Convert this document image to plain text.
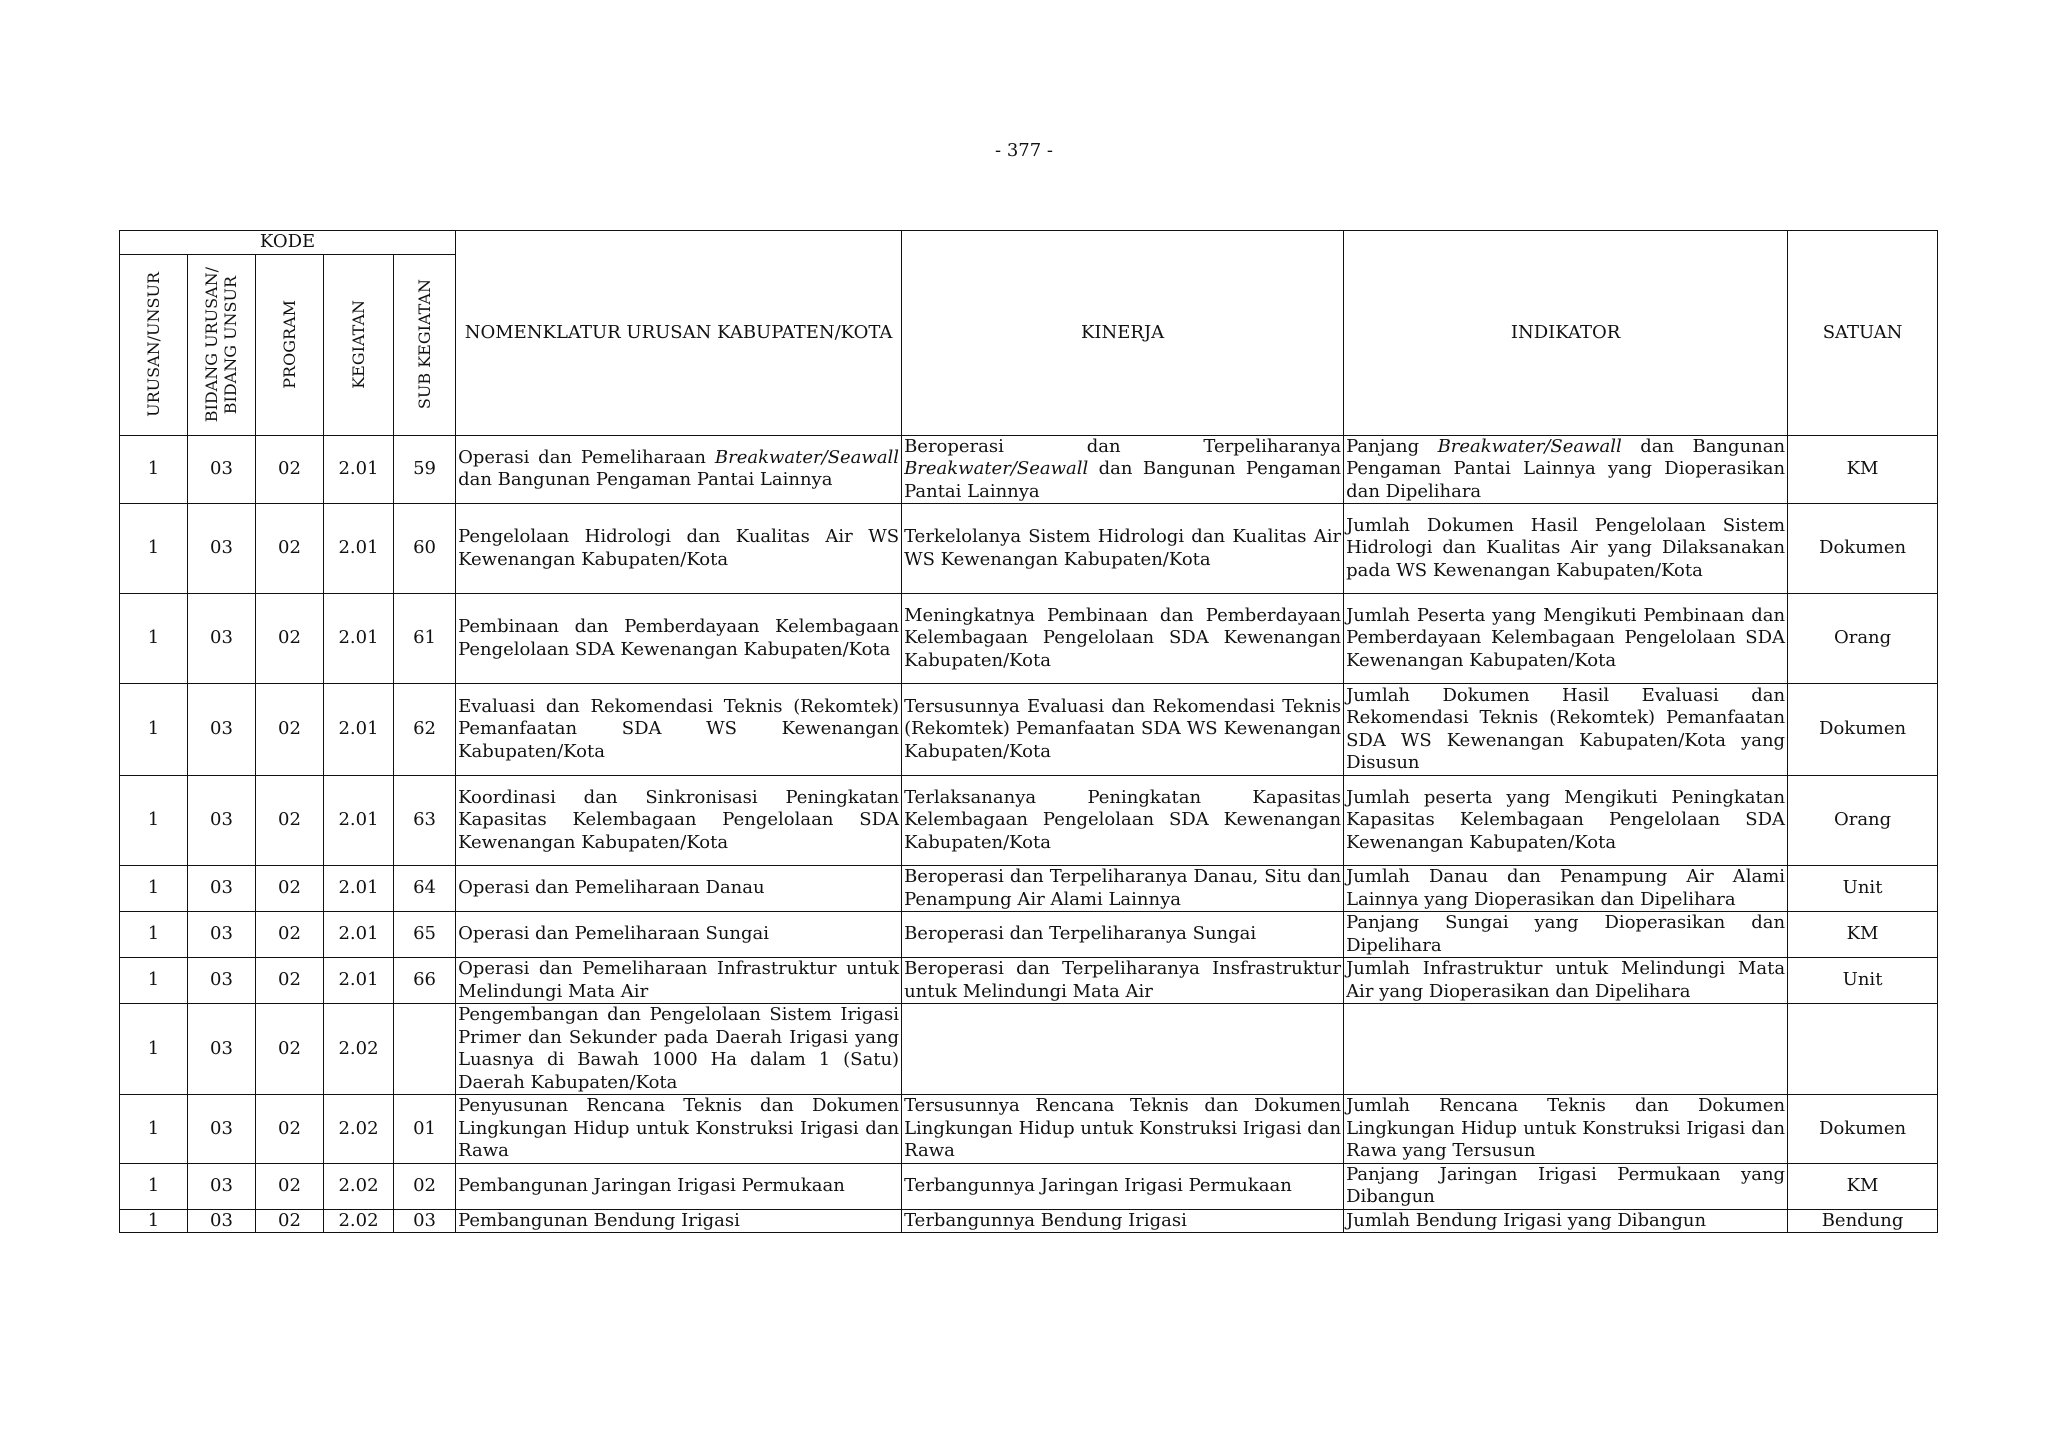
- 377 -
KODE					NOMENKLATUR URUSAN KABUPATEN/KOTA	KINERJA	INDIKATOR	SATUAN

URUSAN/UNSUR	BIDANG URUSAN/
BIDANG UNSUR	PROGRAM	KEGIATAN	SUB KEGIATAN				

1	03	02	2.01	59	Operasi dan Pemeliharaan Breakwater/Seawall dan Bangunan Pengaman Pantai Lainnya	Beroperasi dan Terpeliharanya Breakwater/Seawall dan Bangunan Pengaman Pantai Lainnya	Panjang Breakwater/Seawall dan Bangunan Pengaman Pantai Lainnya yang Dioperasikan dan Dipelihara	KM
1	03	02	2.01	60	Pengelolaan Hidrologi dan Kualitas Air WS Kewenangan Kabupaten/Kota	Terkelolanya Sistem Hidrologi dan Kualitas Air WS Kewenangan Kabupaten/Kota	Jumlah Dokumen Hasil Pengelolaan Sistem Hidrologi dan Kualitas Air yang Dilaksanakan pada WS Kewenangan Kabupaten/Kota	Dokumen
1	03	02	2.01	61	Pembinaan dan Pemberdayaan Kelembagaan Pengelolaan SDA Kewenangan Kabupaten/Kota	Meningkatnya Pembinaan dan Pemberdayaan Kelembagaan Pengelolaan SDA Kewenangan Kabupaten/Kota	Jumlah Peserta yang Mengikuti Pembinaan dan Pemberdayaan Kelembagaan Pengelolaan SDA Kewenangan Kabupaten/Kota	Orang
1	03	02	2.01	62	Evaluasi dan Rekomendasi Teknis (Rekomtek) Pemanfaatan SDA WS Kewenangan Kabupaten/Kota	Tersusunnya Evaluasi dan Rekomendasi Teknis (Rekomtek) Pemanfaatan SDA WS Kewenangan Kabupaten/Kota	Jumlah Dokumen Hasil Evaluasi dan Rekomendasi Teknis (Rekomtek) Pemanfaatan SDA WS Kewenangan Kabupaten/Kota yang Disusun	Dokumen
1	03	02	2.01	63	Koordinasi dan Sinkronisasi Peningkatan Kapasitas Kelembagaan Pengelolaan SDA Kewenangan Kabupaten/Kota	Terlaksananya Peningkatan Kapasitas Kelembagaan Pengelolaan SDA Kewenangan Kabupaten/Kota	Jumlah peserta yang Mengikuti Peningkatan Kapasitas Kelembagaan Pengelolaan SDA Kewenangan Kabupaten/Kota	Orang
1	03	02	2.01	64	Operasi dan Pemeliharaan Danau	Beroperasi dan Terpeliharanya Danau, Situ dan Penampung Air Alami Lainnya	Jumlah Danau dan Penampung Air Alami Lainnya yang Dioperasikan dan Dipelihara	Unit
1	03	02	2.01	65	Operasi dan Pemeliharaan Sungai	Beroperasi dan Terpeliharanya Sungai	Panjang Sungai yang Dioperasikan dan Dipelihara	KM
1	03	02	2.01	66	Operasi dan Pemeliharaan Infrastruktur untuk Melindungi Mata Air	Beroperasi dan Terpeliharanya Insfrastruktur untuk Melindungi Mata Air	Jumlah Infrastruktur untuk Melindungi Mata Air yang Dioperasikan dan Dipelihara	Unit
1	03	02	2.02		Pengembangan dan Pengelolaan Sistem Irigasi Primer dan Sekunder pada Daerah Irigasi yang Luasnya di Bawah 1000 Ha dalam 1 (Satu) Daerah Kabupaten/Kota			
1	03	02	2.02	01	Penyusunan Rencana Teknis dan Dokumen Lingkungan Hidup untuk Konstruksi Irigasi dan Rawa	Tersusunnya Rencana Teknis dan Dokumen Lingkungan Hidup untuk Konstruksi Irigasi dan Rawa	Jumlah Rencana Teknis dan Dokumen Lingkungan Hidup untuk Konstruksi Irigasi dan Rawa yang Tersusun	Dokumen
1	03	02	2.02	02	Pembangunan Jaringan Irigasi Permukaan	Terbangunnya Jaringan Irigasi Permukaan	Panjang Jaringan Irigasi Permukaan yang Dibangun	KM
1	03	02	2.02	03	Pembangunan Bendung Irigasi	Terbangunnya Bendung Irigasi	Jumlah Bendung Irigasi yang Dibangun	Bendung
